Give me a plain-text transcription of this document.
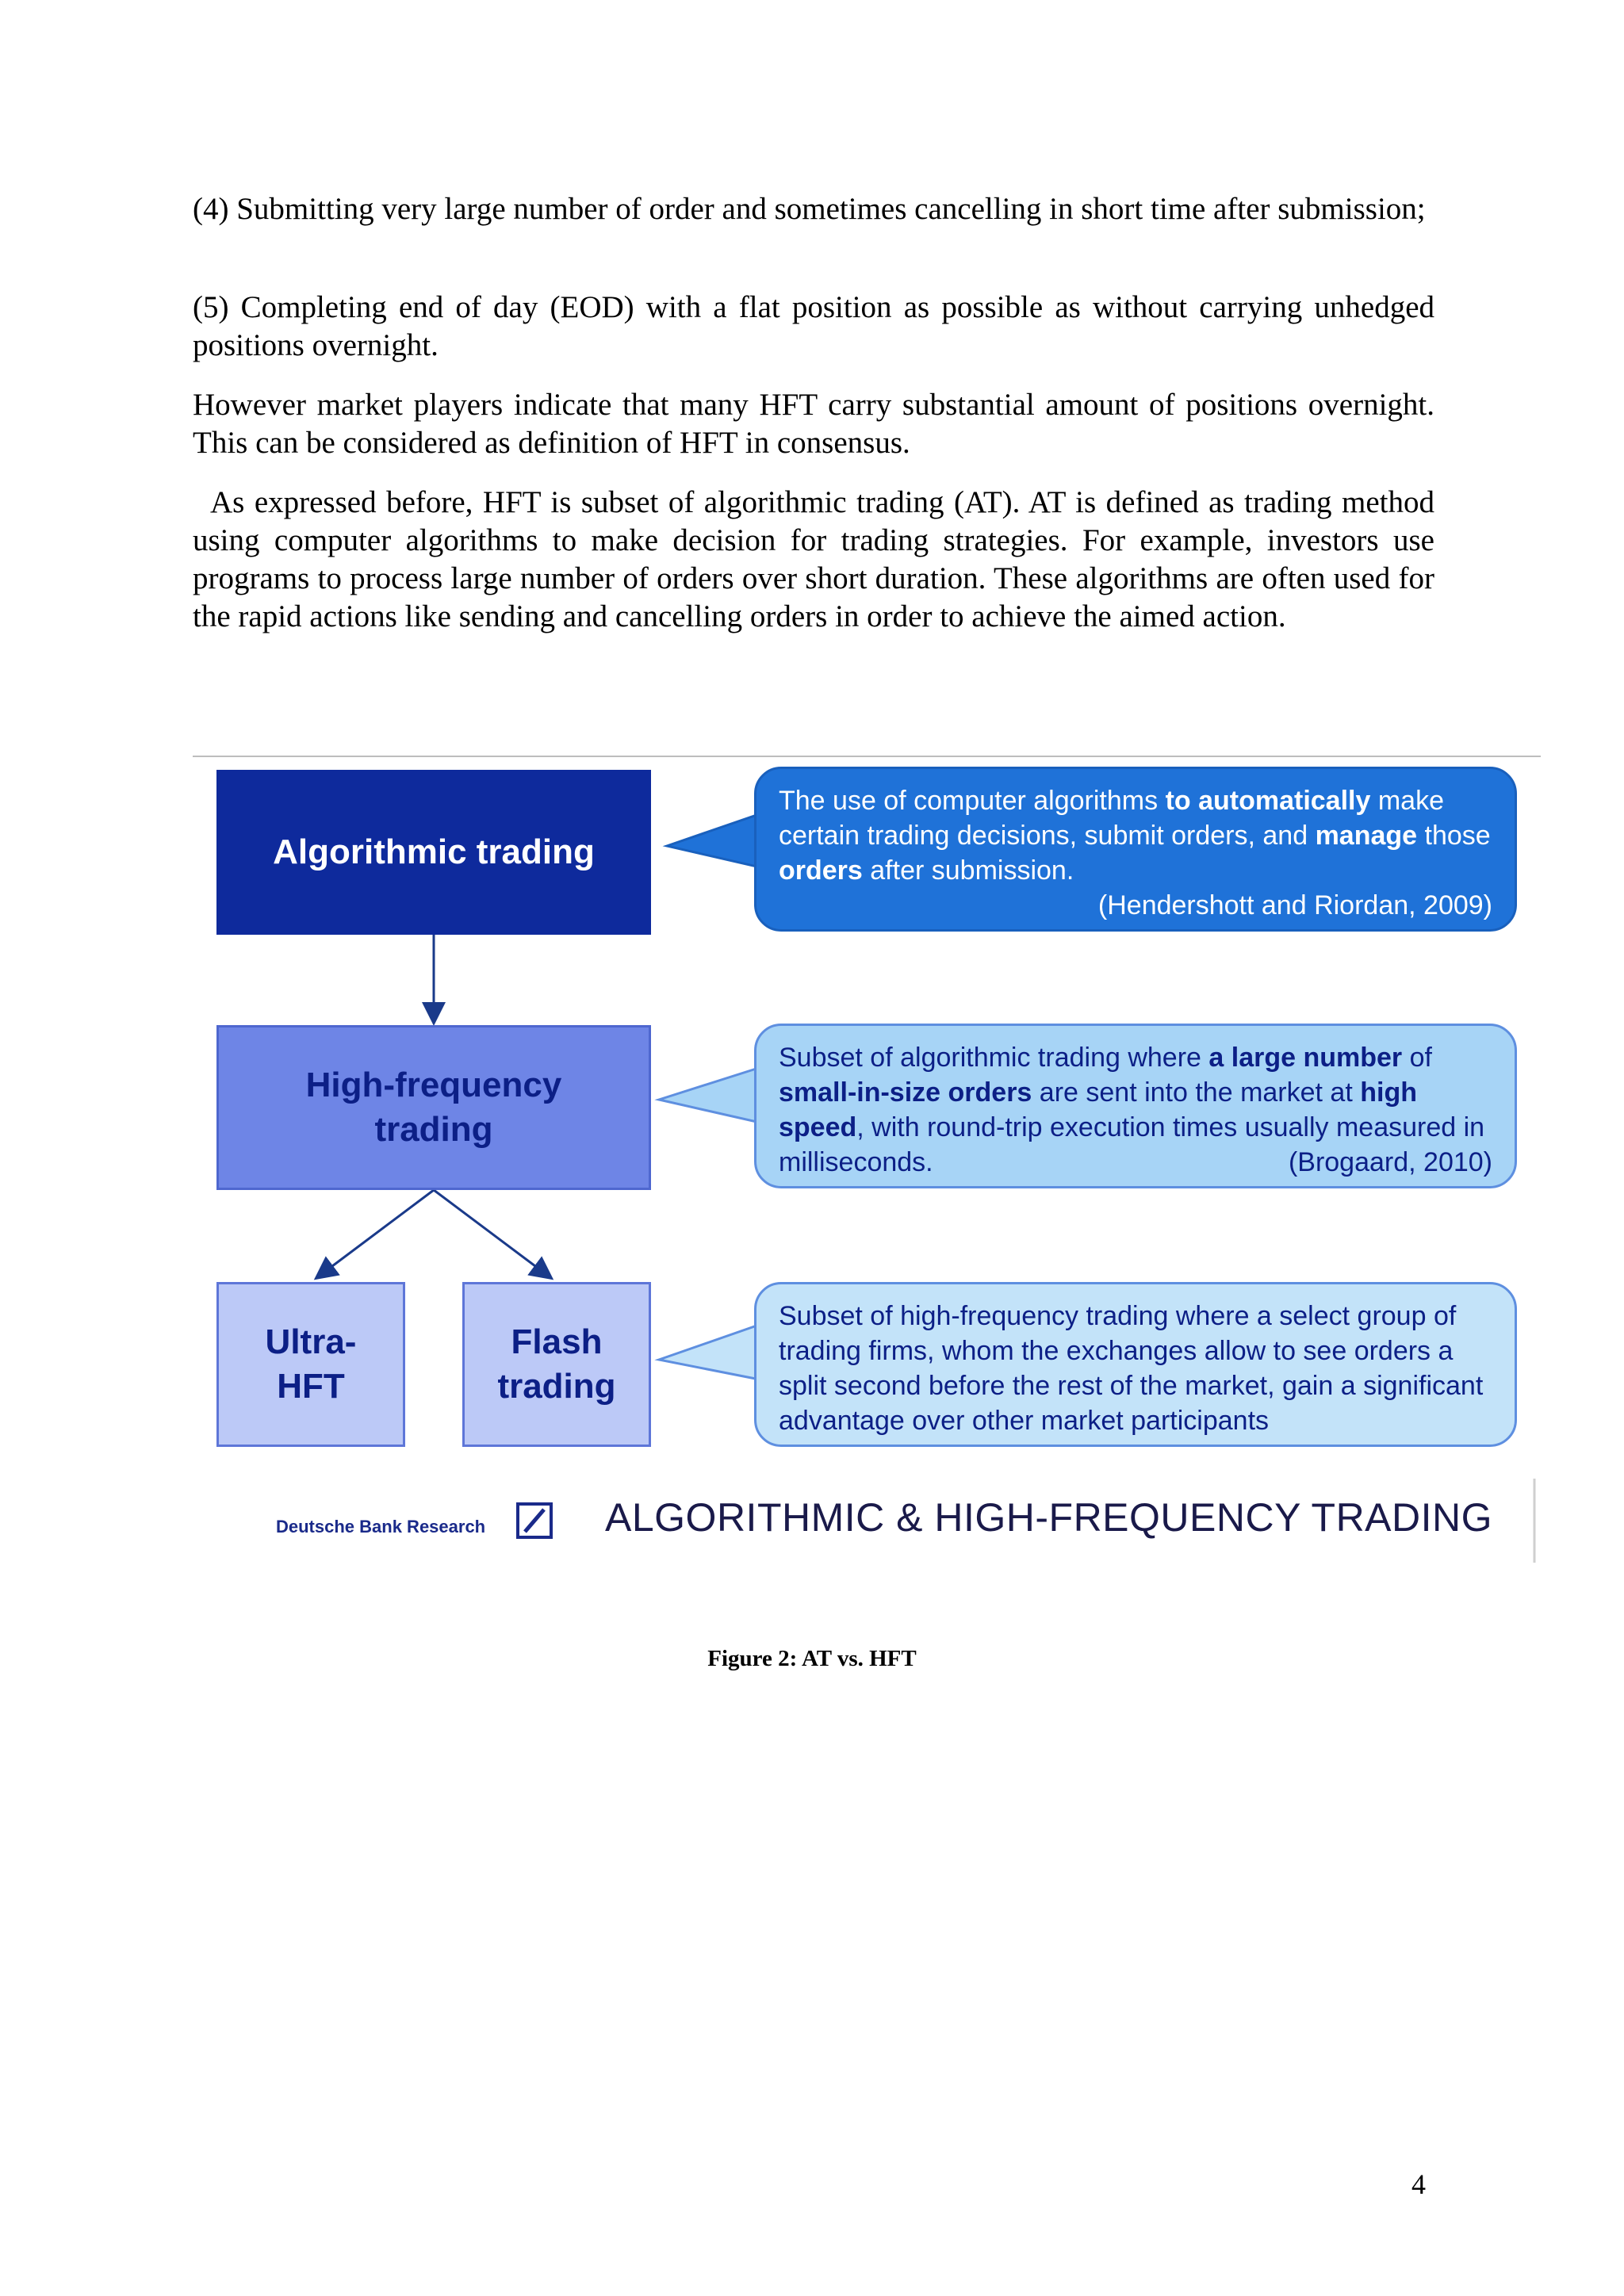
(4) Submitting very large number of order and sometimes cancelling in short time after submission;

(5) Completing end of day (EOD) with a flat position as possible as without carrying unhedged positions overnight.

However market players indicate that many HFT carry substantial amount of positions overnight. This can be considered as definition of HFT in consensus.

As expressed before, HFT is subset of algorithmic trading (AT). AT is defined as trading method using computer algorithms to make decision for trading strategies. For example, investors use programs to process large number of orders over short duration. These algorithms are often used for the rapid actions like sending and cancelling orders in order to achieve the aimed action.

Algorithmic trading
High-frequency
trading
Ultra-
HFT
Flash
trading
The use of computer algorithms to automatically make certain trading decisions, submit orders, and manage those orders after submission.
(Hendershott and Riordan, 2009)
Subset of algorithmic trading where a large number of small-in-size orders are sent into the market at high speed, with round-trip execution times usually measured in milliseconds.	(Brogaard, 2010)
Subset of high-frequency trading where a select group of trading firms, whom the exchanges allow to see orders a split second before the rest of the market, gain a significant advantage over other market participants
Deutsche Bank Research	ALGORITHMIC & HIGH-FREQUENCY TRADING
Figure 2: AT vs. HFT
4
